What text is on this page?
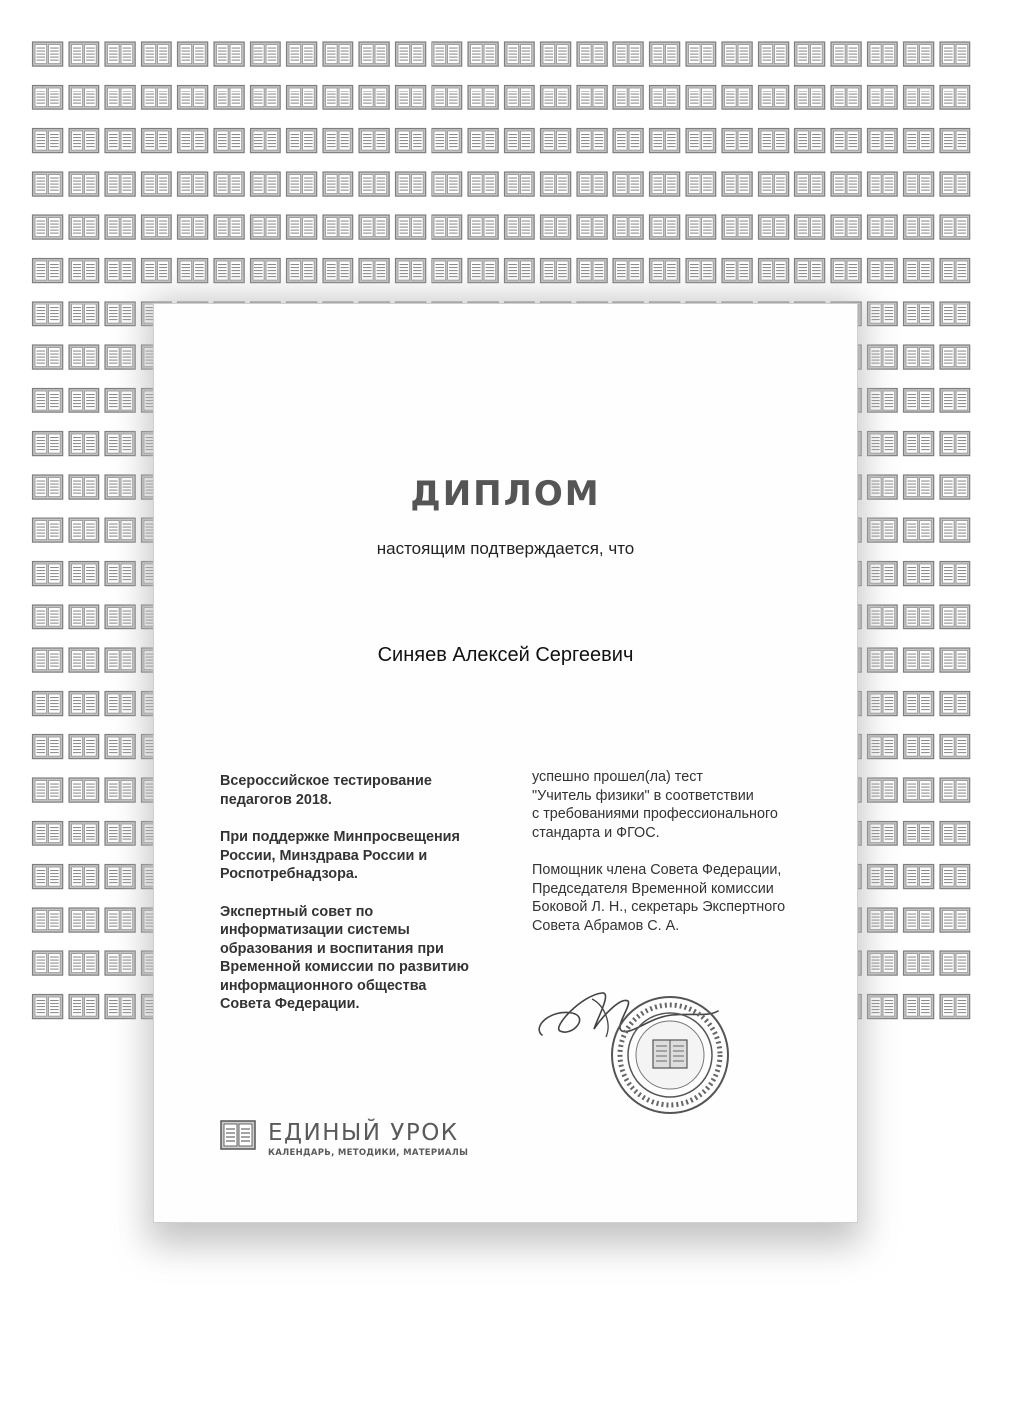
ДИПЛОМ
настоящим подтверждается, что
Синяев Алексей Сергеевич

Всероссийское тестирование
педагогов 2018.

При поддержке Минпросвещения
России, Минздрава России и
Роспотребнадзора.

Экспертный совет по
информатизации системы
образования и воспитания при
Временной комиссии по развитию
информационного общества
Совета Федерации.

успешно прошел(ла) тест
"Учитель физики" в соответствии
с требованиями профессионального
стандарта и ФГОС.

Помощник члена Совета Федерации,
Председателя Временной комиссии
Боковой Л. Н., секретарь Экспертного
Совета Абрамов С. А.

ЕДИНЫЙ УРОК
КАЛЕНДАРЬ, МЕТОДИКИ, МАТЕРИАЛЫ
